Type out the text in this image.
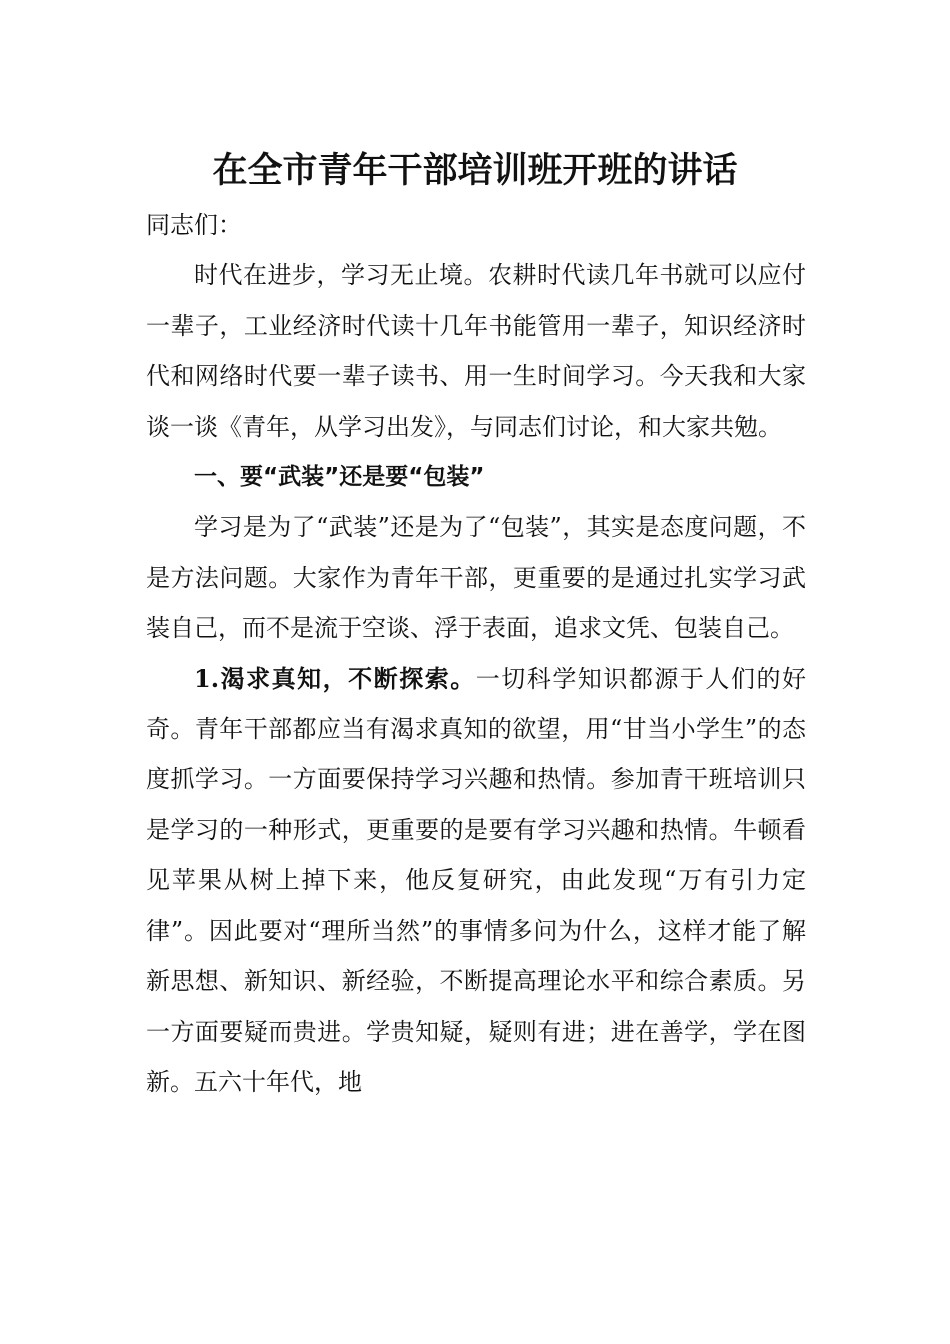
在全市青年干部培训班开班的讲话

同志们：

时代在进步，学习无止境。农耕时代读几年书就可以应付一辈子，工业经济时代读十几年书能管用一辈子，知识经济时代和网络时代要一辈子读书、用一生时间学习。今天我和大家谈一谈《青年，从学习出发》，与同志们讨论，和大家共勉。

一、要“武装”还是要“包装”

学习是为了“武装”还是为了“包装”，其实是态度问题，不是方法问题。大家作为青年干部，更重要的是通过扎实学习武装自己，而不是流于空谈、浮于表面，追求文凭、包装自己。

1.渴求真知，不断探索。一切科学知识都源于人们的好奇。青年干部都应当有渴求真知的欲望，用“甘当小学生”的态度抓学习。一方面要保持学习兴趣和热情。参加青干班培训只是学习的一种形式，更重要的是要有学习兴趣和热情。牛顿看见苹果从树上掉下来，他反复研究，由此发现“万有引力定律”。因此要对“理所当然”的事情多问为什么，这样才能了解新思想、新知识、新经验，不断提高理论水平和综合素质。另一方面要疑而贵进。学贵知疑，疑则有进；进在善学，学在图新。五六十年代，地
